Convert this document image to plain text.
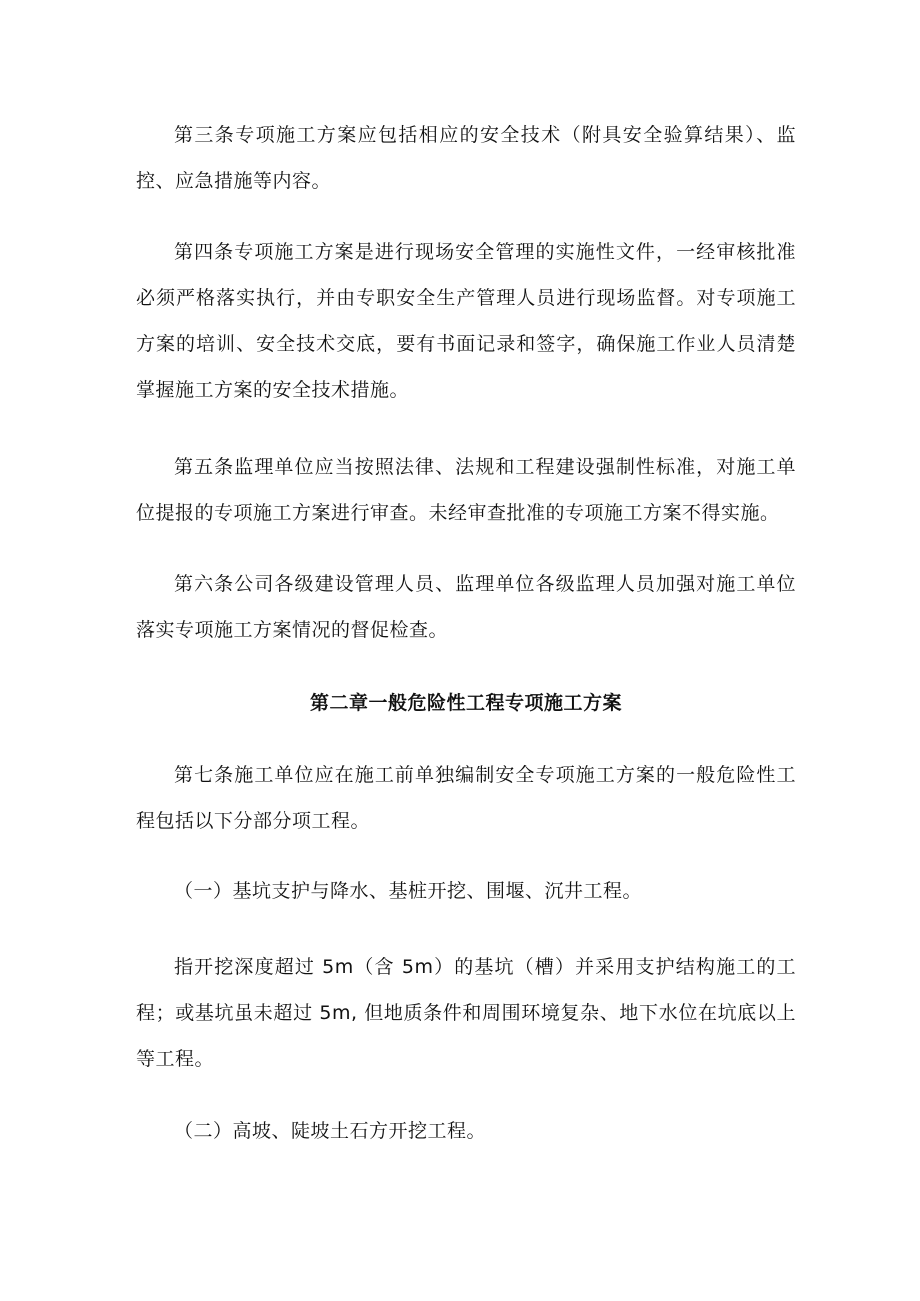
第三条专项施工方案应包括相应的安全技术（附具安全验算结果）、监控、应急措施等内容。

第四条专项施工方案是进行现场安全管理的实施性文件，一经审核批准必须严格落实执行，并由专职安全生产管理人员进行现场监督。对专项施工方案的培训、安全技术交底，要有书面记录和签字，确保施工作业人员清楚掌握施工方案的安全技术措施。

第五条监理单位应当按照法律、法规和工程建设强制性标准，对施工单位提报的专项施工方案进行审查。未经审查批准的专项施工方案不得实施。

第六条公司各级建设管理人员、监理单位各级监理人员加强对施工单位落实专项施工方案情况的督促检查。

第二章一般危险性工程专项施工方案

第七条施工单位应在施工前单独编制安全专项施工方案的一般危险性工程包括以下分部分项工程。

（一）基坑支护与降水、基桩开挖、围堰、沉井工程。

指开挖深度超过 5m（含 5m）的基坑（槽）并采用支护结构施工的工程；或基坑虽未超过 5m, 但地质条件和周围环境复杂、地下水位在坑底以上等工程。

（二）高坡、陡坡土石方开挖工程。
